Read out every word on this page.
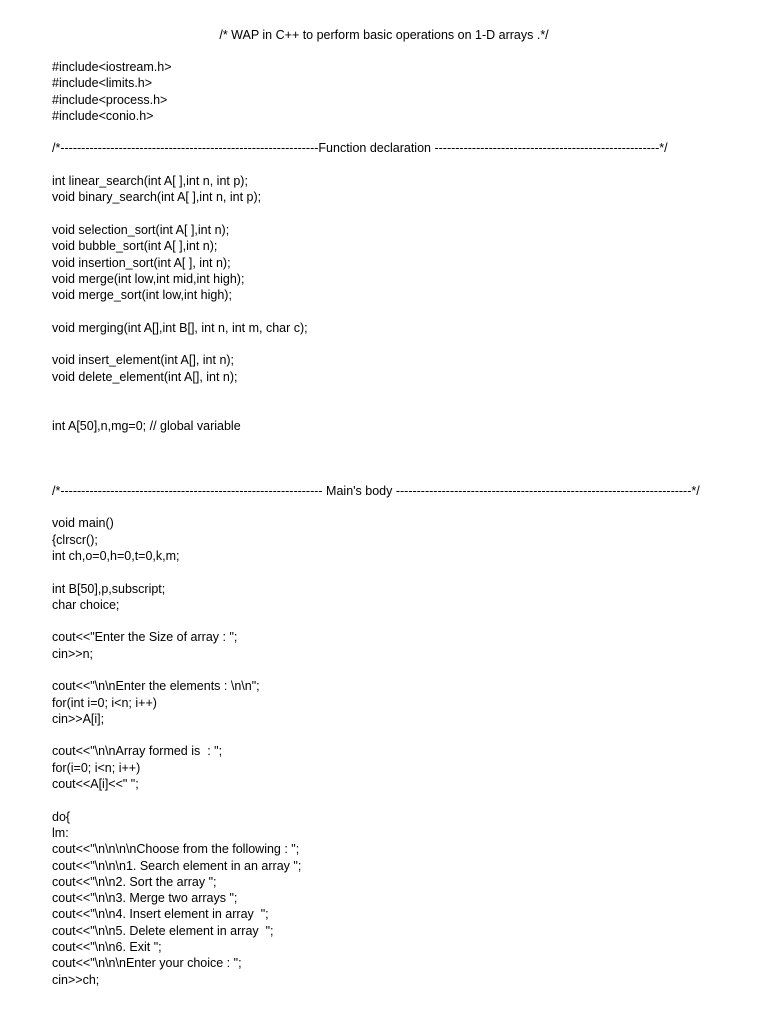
/* WAP in C++ to perform basic operations on 1-D arrays .*/
#include<iostream.h>
#include<limits.h>
#include<process.h>
#include<conio.h>
/*--------------------------------------------------------------Function declaration ------------------------------------------------------*/
int linear_search(int A[ ],int n, int p);
void binary_search(int A[ ],int n, int p);
void selection_sort(int A[ ],int n);
void bubble_sort(int A[ ],int n);
void insertion_sort(int A[ ], int n);
void merge(int low,int mid,int high);
void merge_sort(int low,int high);
void merging(int A[],int B[], int n, int m, char c);
void insert_element(int A[], int n);
void delete_element(int A[], int n);
int A[50],n,mg=0; // global variable
/*--------------------------------------------------------------- Main's body -----------------------------------------------------------------------*/
void main()
{clrscr();
int ch,o=0,h=0,t=0,k,m;
int B[50],p,subscript;
char choice;
cout<<"Enter the Size of array : ";
cin>>n;
cout<<"\n\nEnter the elements : \n\n";
for(int i=0; i<n; i++)
cin>>A[i];
cout<<"\n\nArray formed is  : ";
for(i=0; i<n; i++)
cout<<A[i]<<" ";
do{
lm:
cout<<"\n\n\n\nChoose from the following : ";
cout<<"\n\n\n1. Search element in an array ";
cout<<"\n\n2. Sort the array ";
cout<<"\n\n3. Merge two arrays ";
cout<<"\n\n4. Insert element in array  ";
cout<<"\n\n5. Delete element in array  ";
cout<<"\n\n6. Exit ";
cout<<"\n\n\nEnter your choice : ";
cin>>ch;
